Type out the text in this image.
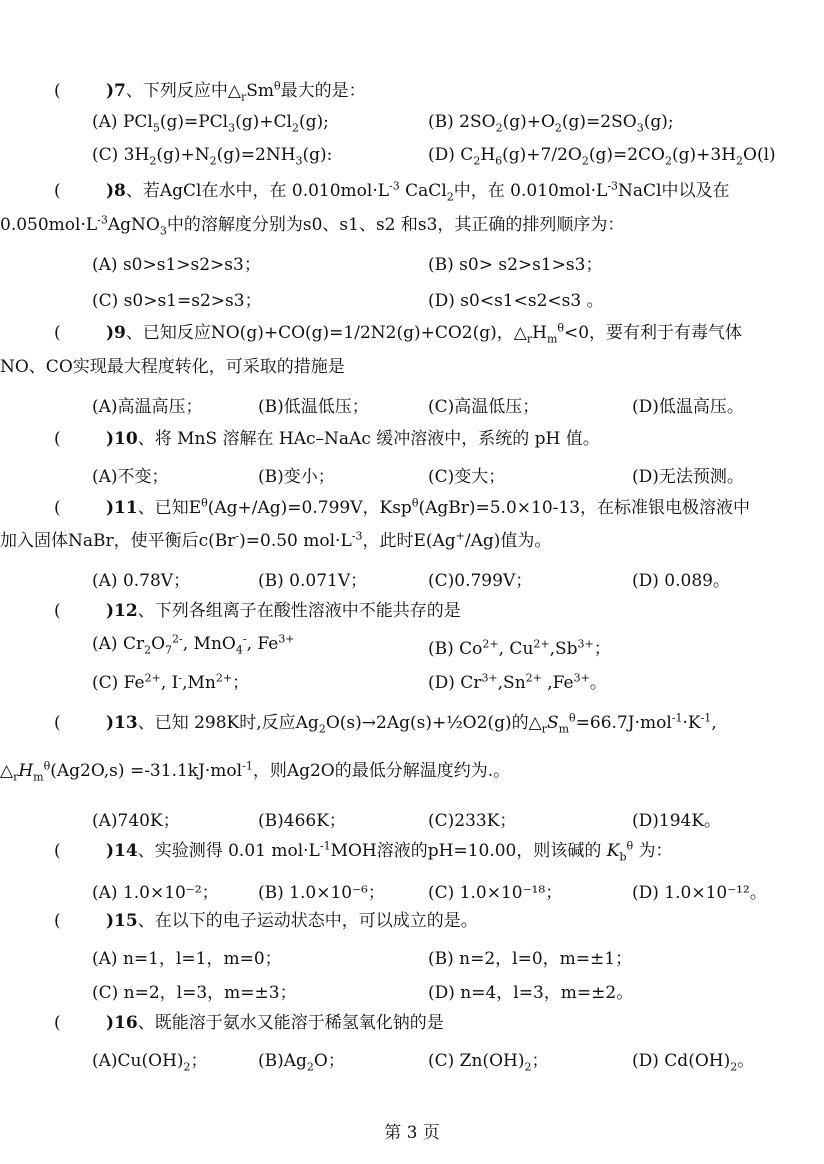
(	)7、下列反应中$\triangle_rSm^\theta$最大的是：
(A) $PCl_5(g)=PCl_3(g)+Cl_2(g)$;	(B) $2SO_2(g)+O_2(g)=2SO_3(g)$;
(C) $3H_2(g)+N_2(g)=2NH_3(g)$:	(D) $C_2H_6(g)+7/2O_2(g)=2CO_2(g)+3H_2O(l)$
(	)8、若AgCl在水中，在 $0.010mol\cdot L^{-3}$ CaCl$_2$中，在 $0.010mol\cdot L^{-3}NaCl$中以及在
$0.050mol\cdot L^{-3}AgNO_3$中的溶解度分别为s0、s1、s2 和s3，其正确的排列顺序为：
(A) s0>s1>s2>s3；	(B) s0> s2>s1>s3；
(C) s0>s1=s2>s3；	(D) s0<s1<s2<s3 。
(	)9、已知反应NO(g)+CO(g)=1/2N2(g)+CO2(g)，$\triangle_rH_m^\theta<0$，要有利于有毒气体
NO、CO实现最大程度转化，可采取的措施是
(A)高温高压；	(B)低温低压；	(C)高温低压；	(D)低温高压。
(	)10、将 MnS 溶解在 HAc–NaAc 缓冲溶液中，系统的 pH 值。
(A)不变；	(B)变小；	(C)变大；	(D)无法预测。
(	)11、已知$E^\theta(Ag+/Ag)=0.799V$，Ksp$^\theta$(AgBr)=5.0×10-13，在标准银电极溶液中
加入固体NaBr，使平衡后c(Br-)=0.50 $mol\cdot L^{-3}$，此时E(Ag+/Ag)值为。
(A) 0.78V；	(B) 0.071V；	(C)0.799V；	(D) 0.089。
(	)12、下列各组离子在酸性溶液中不能共存的是
(A) $Cr_2O_7^{2-}$, MnO$_4$-, $Fe^{3+}$
(B) $Co^{2+}$, $Cu^{2+},Sb^{3+}$；
(C) $Fe^{2+}$, $I^-,Mn^{2+}$；	(D) $Cr^{3+},Sn^{2+}$ $,Fe^{3+}$。
(	)13、已知 298K时,反应$Ag_2O(s)\to 2Ag(s)+\frac{1}{2}O2(g)$的$\triangle_rS_m^\theta=66.7J\cdot mol^{-1}\cdot K^{-1}$,
$\triangle_rH_m^\theta(Ag2O,s) =-31.1kJ\cdot mol^{-1}$，则Ag2O的最低分解温度约为.。
(A)740K；	(B)466K；	(C)233K；	(D)194K。
(	)14、实验测得 0.01 $mol\cdot L^{-1}MOH$溶液的pH=10.00，则该碱的 $K_b^\theta$ 为：
(A) 1.0×10⁻²； (B) 1.0×10⁻⁶；	(C) 1.0×10⁻¹⁸；	(D) 1.0×10⁻¹²。
(	)15、在以下的电子运动状态中，可以成立的是。
(A) n=1，l=1，m=0；	(B) n=2，l=0，m=±1；
(C) n=2，l=3，m=±3；	(D) n=4，l=3，m=±2。
(	)16、既能溶于氨水又能溶于稀氢氧化钠的是
$(A)Cu(OH)_2$；	$(B)Ag_2O$；	(C) $Zn(OH)_2$；	(D) $Cd(OH)_2$。
第 3 页
